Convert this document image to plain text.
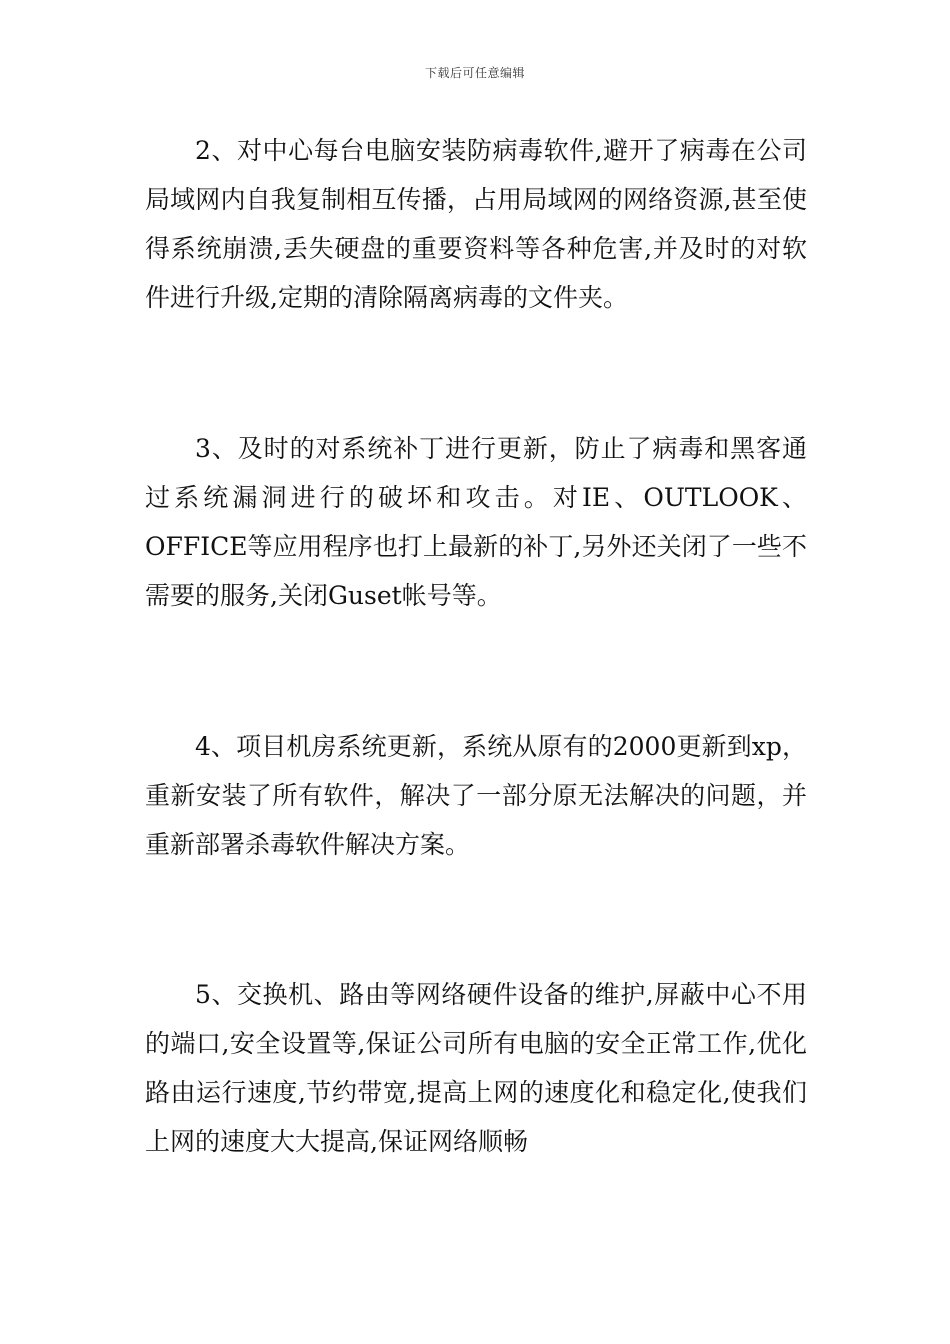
下载后可任意编辑

2、对中心每台电脑安装防病毒软件,避开了病毒在公司局域网内自我复制相互传播，占用局域网的网络资源,甚至使得系统崩溃,丢失硬盘的重要资料等各种危害,并及时的对软件进行升级,定期的清除隔离病毒的文件夹。

3、及时的对系统补丁进行更新，防止了病毒和黑客通过系统漏洞进行的破坏和攻击。对IE、OUTLOOK、OFFICE等应用程序也打上最新的补丁,另外还关闭了一些不需要的服务,关闭Guset帐号等。

4、项目机房系统更新，系统从原有的2000更新到xp，重新安装了所有软件，解决了一部分原无法解决的问题，并重新部署杀毒软件解决方案。

5、交换机、路由等网络硬件设备的维护,屏蔽中心不用的端口,安全设置等,保证公司所有电脑的安全正常工作,优化路由运行速度,节约带宽,提高上网的速度化和稳定化,使我们上网的速度大大提高,保证网络顺畅
